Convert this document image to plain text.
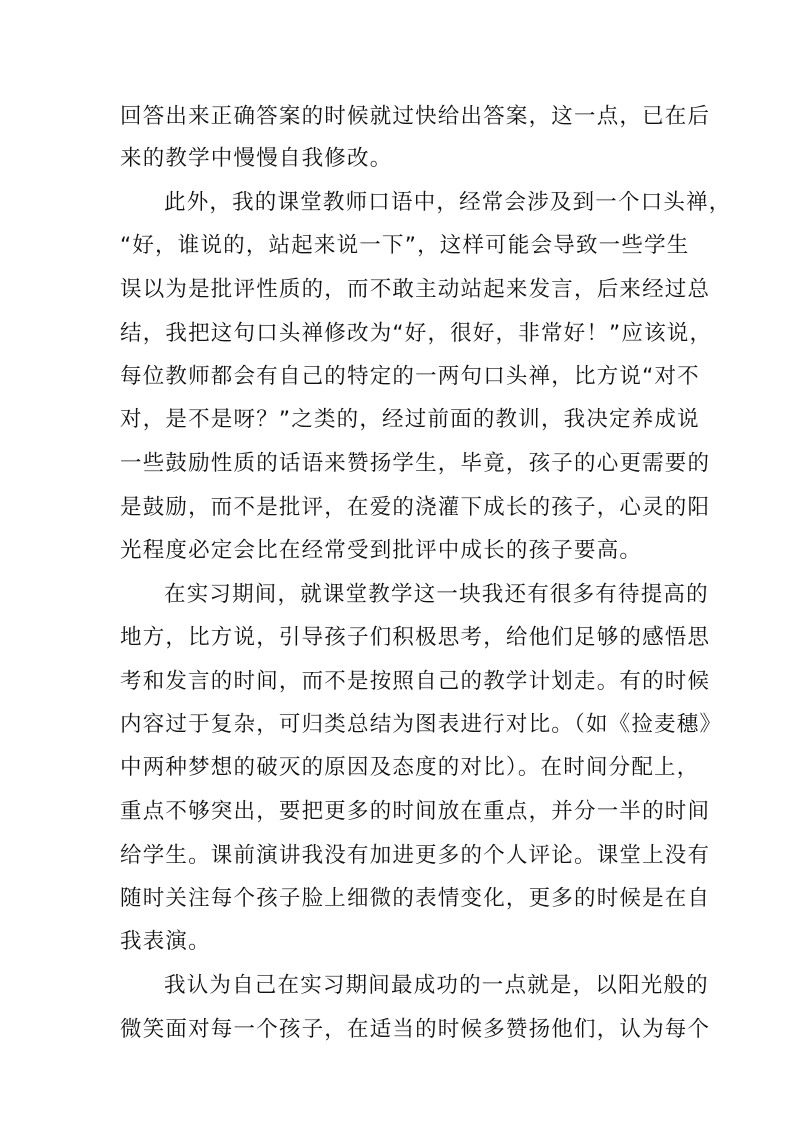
回答出来正确答案的时候就过快给出答案，这一点，已在后
来的教学中慢慢自我修改。
此外，我的课堂教师口语中，经常会涉及到一个口头禅，
“好，谁说的，站起来说一下”，这样可能会导致一些学生
误以为是批评性质的，而不敢主动站起来发言，后来经过总
结，我把这句口头禅修改为“好，很好，非常好！”应该说，
每位教师都会有自己的特定的一两句口头禅，比方说“对不
对，是不是呀？”之类的，经过前面的教训，我决定养成说
一些鼓励性质的话语来赞扬学生，毕竟，孩子的心更需要的
是鼓励，而不是批评，在爱的浇灌下成长的孩子，心灵的阳
光程度必定会比在经常受到批评中成长的孩子要高。
在实习期间，就课堂教学这一块我还有很多有待提高的
地方，比方说，引导孩子们积极思考，给他们足够的感悟思
考和发言的时间，而不是按照自己的教学计划走。有的时候
内容过于复杂，可归类总结为图表进行对比。（如《捡麦穗》
中两种梦想的破灭的原因及态度的对比）。在时间分配上，
重点不够突出，要把更多的时间放在重点，并分一半的时间
给学生。课前演讲我没有加进更多的个人评论。课堂上没有
随时关注每个孩子脸上细微的表情变化，更多的时候是在自
我表演。
我认为自己在实习期间最成功的一点就是，以阳光般的
微笑面对每一个孩子，在适当的时候多赞扬他们，认为每个
